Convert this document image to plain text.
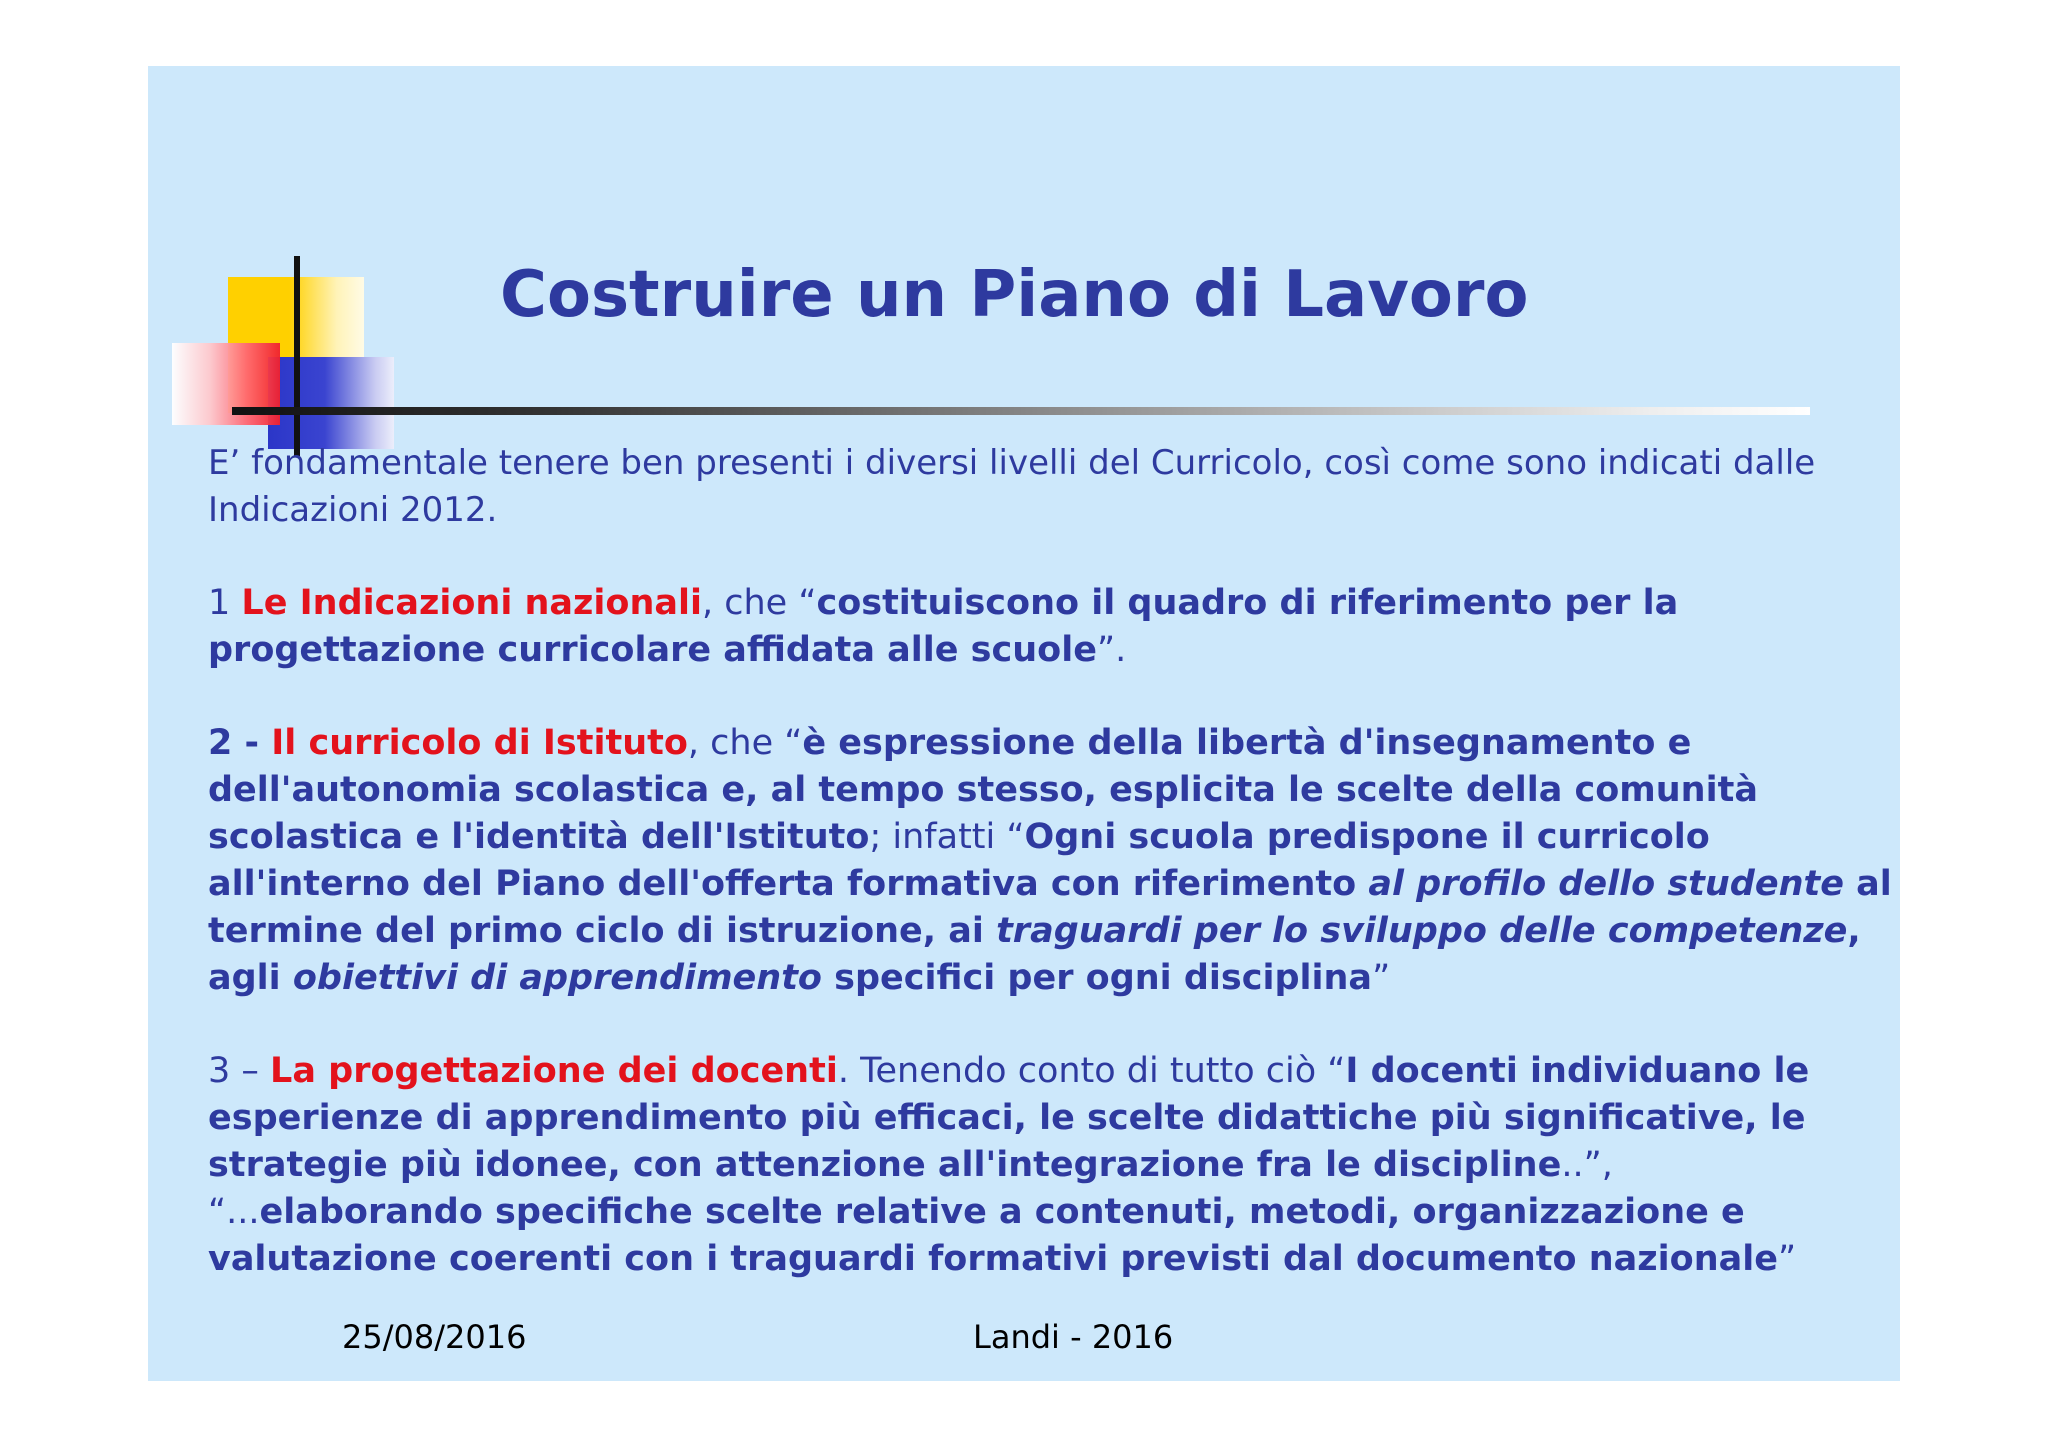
Costruire un Piano di Lavoro

E’ fondamentale tenere ben presenti i diversi livelli del Curricolo, così come sono indicati dalle Indicazioni 2012.

1 Le Indicazioni nazionali, che “costituiscono il quadro di riferimento per la progettazione curricolare affidata alle scuole”.

2 - Il curricolo di Istituto, che “è espressione della libertà d'insegnamento e dell'autonomia scolastica e, al tempo stesso, esplicita le scelte della comunità scolastica e l'identità dell'Istituto; infatti “Ogni scuola predispone il curricolo all'interno del Piano dell'offerta formativa con riferimento al profilo dello studente al termine del primo ciclo di istruzione, ai traguardi per lo sviluppo delle competenze, agli obiettivi di apprendimento specifici per ogni disciplina”

3 – La progettazione dei docenti. Tenendo conto di tutto ciò “I docenti individuano le esperienze di apprendimento più efficaci, le scelte didattiche più significative, le strategie più idonee, con attenzione all'integrazione fra le discipline..”, “...elaborando specifiche scelte relative a contenuti, metodi, organizzazione e valutazione coerenti con i traguardi formativi previsti dal documento nazionale”

25/08/2016	Landi - 2016
